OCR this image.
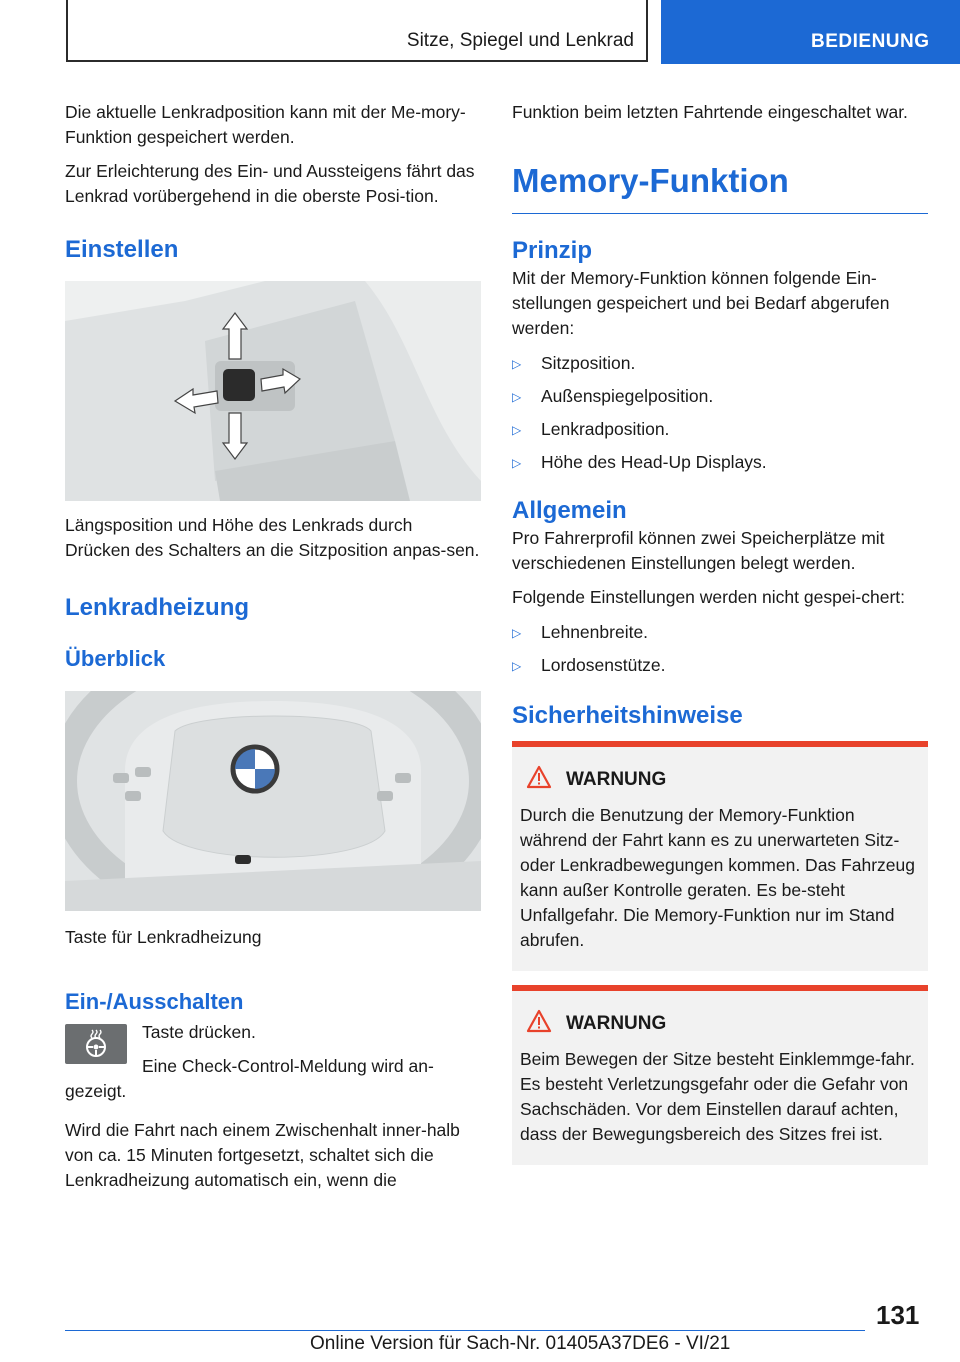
Sitze, Spiegel und Lenkrad	BEDIENUNG

Die aktuelle Lenkradposition kann mit der Me-mory-Funktion gespeichert werden.

Zur Erleichterung des Ein- und Aussteigens fährt das Lenkrad vorübergehend in die oberste Posi-tion.

Einstellen
Längsposition und Höhe des Lenkrads durch Drücken des Schalters an die Sitzposition anpas-sen.
Lenkradheizung
Überblick
Taste für Lenkradheizung
Ein-/Ausschalten
Taste drücken.
Eine Check-Control-Meldung wird an-gezeigt.

Wird die Fahrt nach einem Zwischenhalt inner-halb von ca. 15 Minuten fortgesetzt, schaltet sich die Lenkradheizung automatisch ein, wenn die

Funktion beim letzten Fahrtende eingeschaltet war.

Memory-Funktion
Prinzip

Mit der Memory-Funktion können folgende Ein-stellungen gespeichert und bei Bedarf abgerufen werden:

▷	Sitzposition.
▷	Außenspiegelposition.
▷	Lenkradposition.
▷	Höhe des Head-Up Displays.
Allgemein

Pro Fahrerprofil können zwei Speicherplätze mit verschiedenen Einstellungen belegt werden.

Folgende Einstellungen werden nicht gespei-chert:

▷	Lehnenbreite.
▷	Lordosenstütze.
Sicherheitshinweise
WARNUNG

Durch die Benutzung der Memory-Funktion während der Fahrt kann es zu unerwarteten Sitz- oder Lenkradbewegungen kommen. Das Fahrzeug kann außer Kontrolle geraten. Es be-steht Unfallgefahr. Die Memory-Funktion nur im Stand abrufen.

WARNUNG

Beim Bewegen der Sitze besteht Einklemmge-fahr. Es besteht Verletzungsgefahr oder die Gefahr von Sachschäden. Vor dem Einstellen darauf achten, dass der Bewegungsbereich des Sitzes frei ist.

131
Online Version für Sach-Nr. 01405A37DE6 - VI/21
